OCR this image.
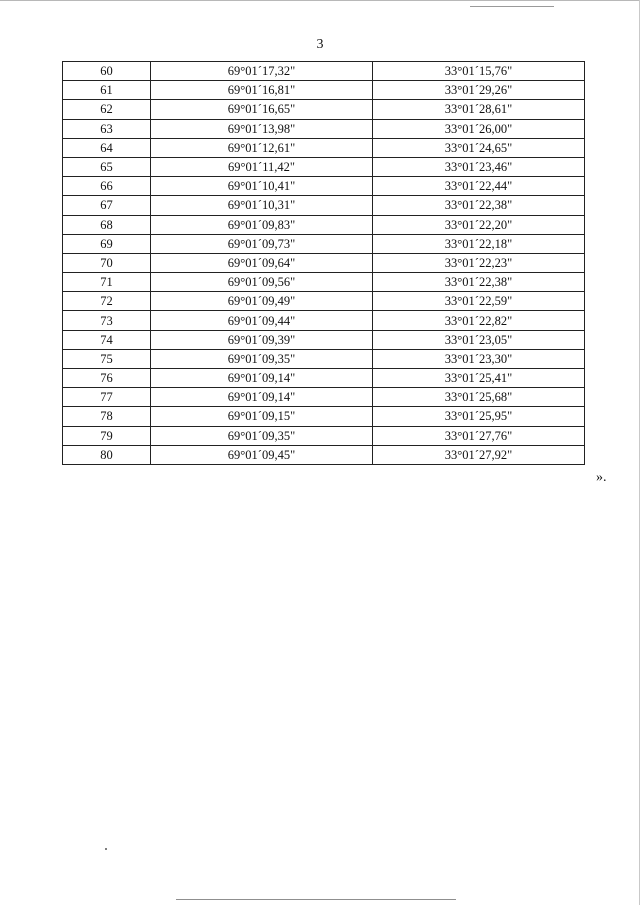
3
60	69°01´17,32"	33°01´15,76"
61	69°01´16,81"	33°01´29,26"
62	69°01´16,65"	33°01´28,61"
63	69°01´13,98"	33°01´26,00"
64	69°01´12,61"	33°01´24,65"
65	69°01´11,42"	33°01´23,46"
66	69°01´10,41"	33°01´22,44"
67	69°01´10,31"	33°01´22,38"
68	69°01´09,83"	33°01´22,20"
69	69°01´09,73"	33°01´22,18"
70	69°01´09,64"	33°01´22,23"
71	69°01´09,56"	33°01´22,38"
72	69°01´09,49"	33°01´22,59"
73	69°01´09,44"	33°01´22,82"
74	69°01´09,39"	33°01´23,05"
75	69°01´09,35"	33°01´23,30"
76	69°01´09,14"	33°01´25,41"
77	69°01´09,14"	33°01´25,68"
78	69°01´09,15"	33°01´25,95"
79	69°01´09,35"	33°01´27,76"
80	69°01´09,45"	33°01´27,92"
».
